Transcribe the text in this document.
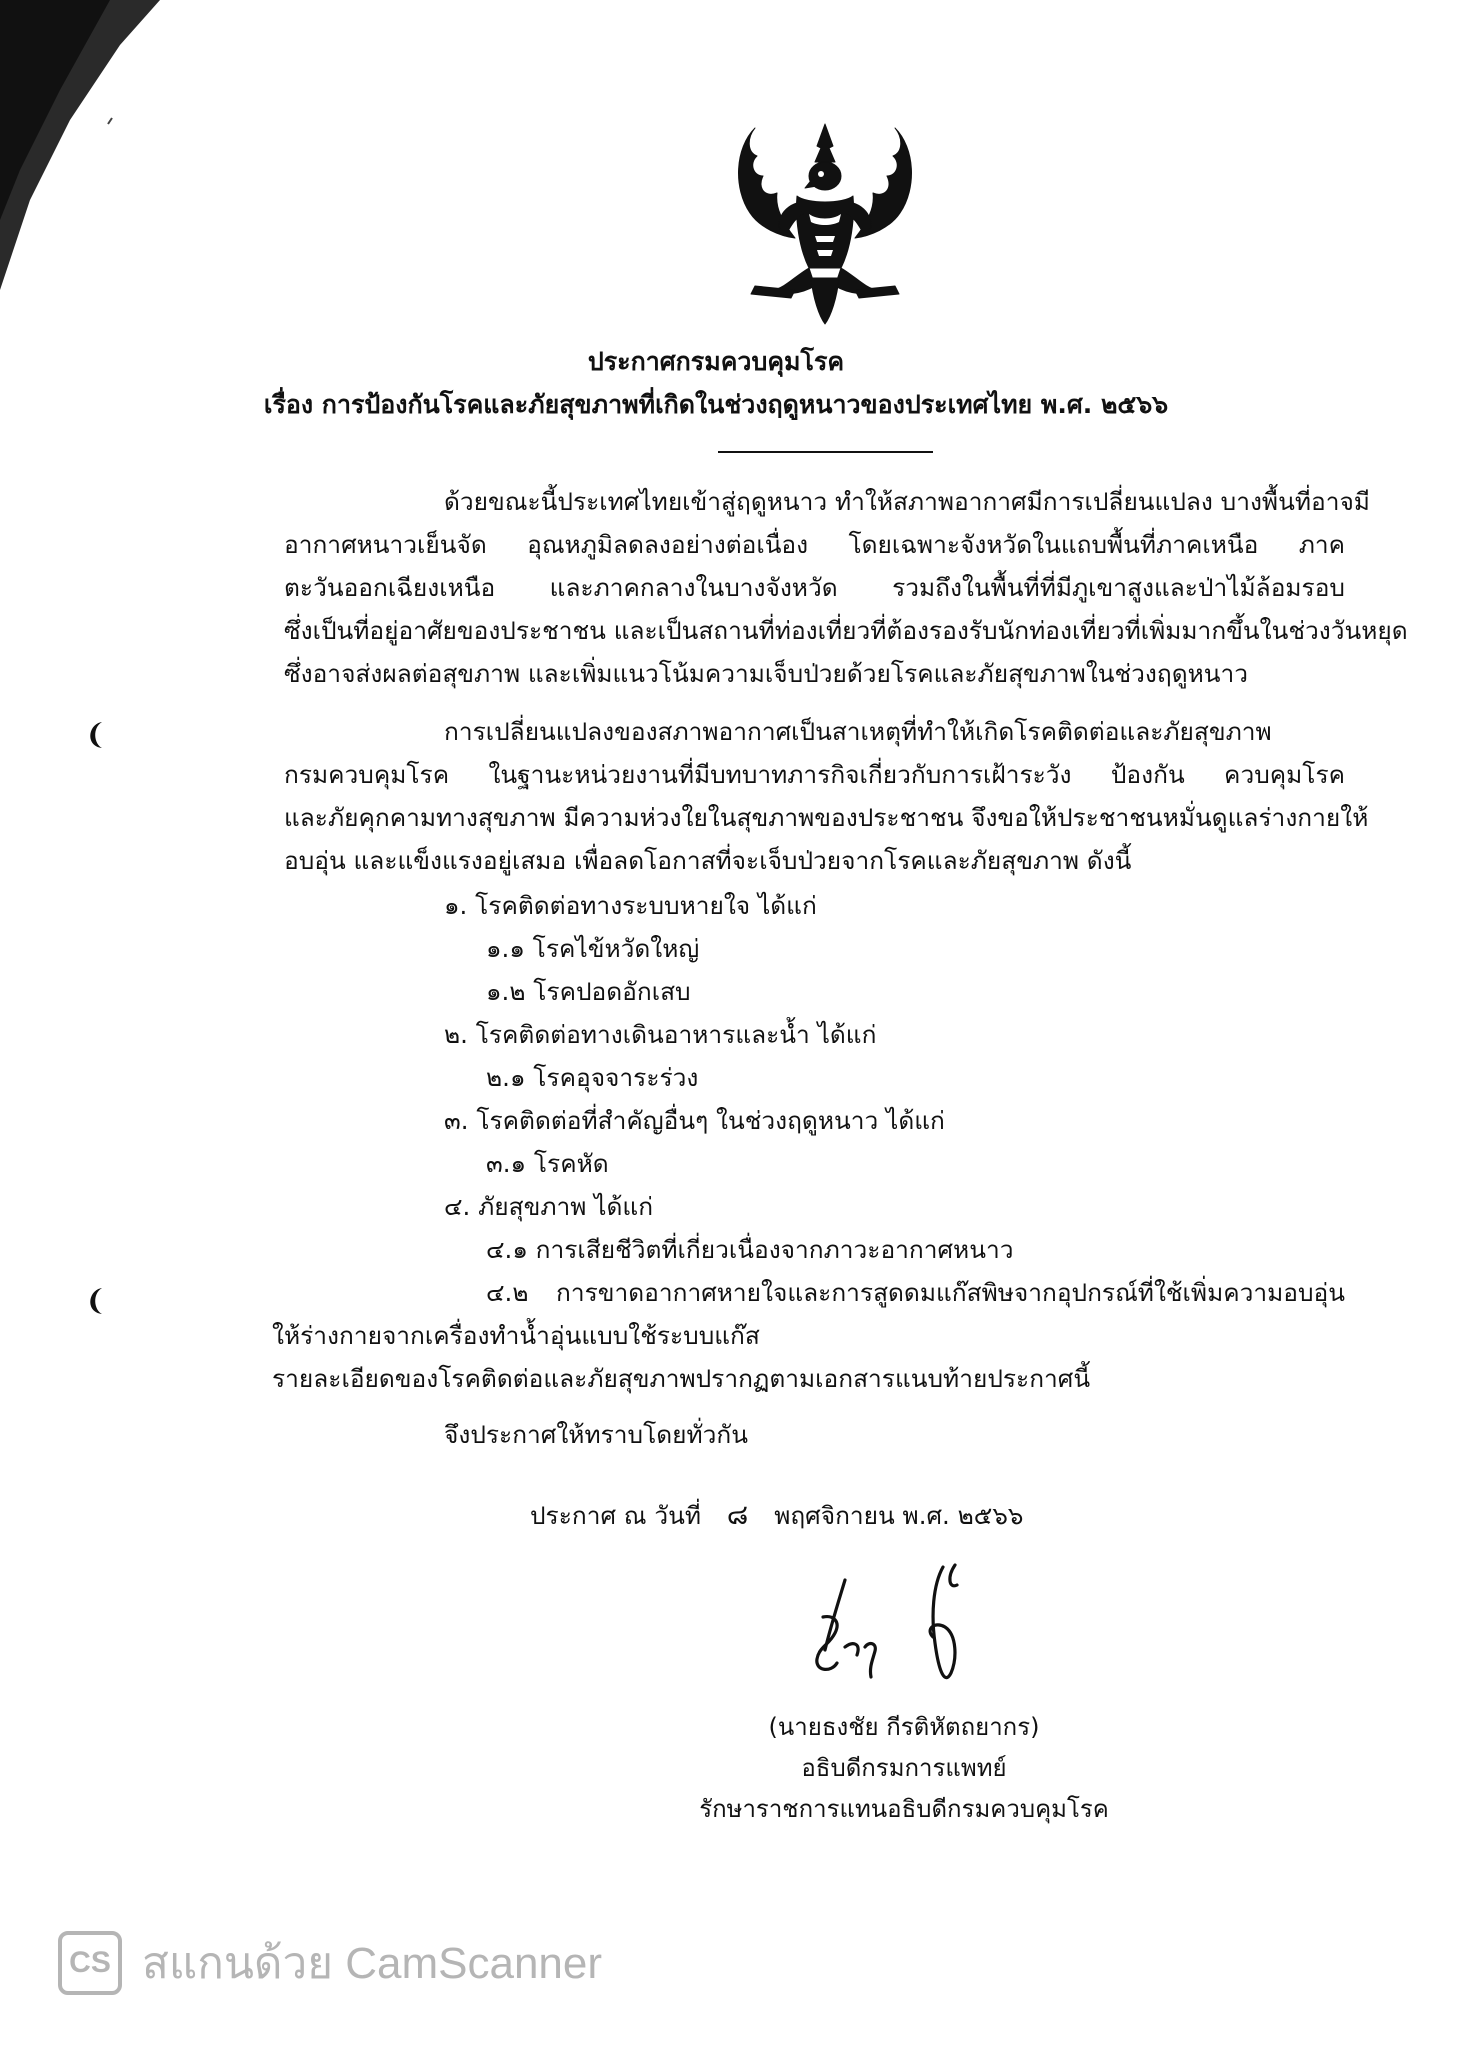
ประกาศกรมควบคุมโรค
เรื่อง การป้องกันโรคและภัยสุขภาพที่เกิดในช่วงฤดูหนาวของประเทศไทย พ.ศ. ๒๕๖๖
ด้วยขณะนี้ประเทศไทยเข้าสู่ฤดูหนาว ทำให้สภาพอากาศมีการเปลี่ยนแปลง บางพื้นที่อาจมี
อากาศหนาวเย็นจัด อุณหภูมิลดลงอย่างต่อเนื่อง โดยเฉพาะจังหวัดในแถบพื้นที่ภาคเหนือ ภาค
ตะวันออกเฉียงเหนือ และภาคกลางในบางจังหวัด รวมถึงในพื้นที่ที่มีภูเขาสูงและป่าไม้ล้อมรอบ
ซึ่งเป็นที่อยู่อาศัยของประชาชน และเป็นสถานที่ท่องเที่ยวที่ต้องรองรับนักท่องเที่ยวที่เพิ่มมากขึ้นในช่วงวันหยุด
ซึ่งอาจส่งผลต่อสุขภาพ และเพิ่มแนวโน้มความเจ็บป่วยด้วยโรคและภัยสุขภาพในช่วงฤดูหนาว
การเปลี่ยนแปลงของสภาพอากาศเป็นสาเหตุที่ทำให้เกิดโรคติดต่อและภัยสุขภาพ
กรมควบคุมโรค ในฐานะหน่วยงานที่มีบทบาทภารกิจเกี่ยวกับการเฝ้าระวัง ป้องกัน ควบคุมโรค
และภัยคุกคามทางสุขภาพ มีความห่วงใยในสุขภาพของประชาชน จึงขอให้ประชาชนหมั่นดูแลร่างกายให้
อบอุ่น และแข็งแรงอยู่เสมอ เพื่อลดโอกาสที่จะเจ็บป่วยจากโรคและภัยสุขภาพ ดังนี้
๑. โรคติดต่อทางระบบหายใจ ได้แก่
๑.๑ โรคไข้หวัดใหญ่
๑.๒ โรคปอดอักเสบ
๒. โรคติดต่อทางเดินอาหารและน้ำ ได้แก่
๒.๑ โรคอุจจาระร่วง
๓. โรคติดต่อที่สำคัญอื่นๆ ในช่วงฤดูหนาว ได้แก่
๓.๑ โรคหัด
๔. ภัยสุขภาพ ได้แก่
๔.๑ การเสียชีวิตที่เกี่ยวเนื่องจากภาวะอากาศหนาว
๔.๒ การขาดอากาศหายใจและการสูดดมแก๊สพิษจากอุปกรณ์ที่ใช้เพิ่มความอบอุ่น
ให้ร่างกายจากเครื่องทำน้ำอุ่นแบบใช้ระบบแก๊ส
รายละเอียดของโรคติดต่อและภัยสุขภาพปรากฏตามเอกสารแนบท้ายประกาศนี้
จึงประกาศให้ทราบโดยทั่วกัน
ประกาศ ณ วันที่ ๘ พฤศจิกายน พ.ศ. ๒๕๖๖
(นายธงชัย กีรติหัตถยากร)
อธิบดีกรมการแพทย์
รักษาราชการแทนอธิบดีกรมควบคุมโรค
CS สแกนด้วย CamScanner
